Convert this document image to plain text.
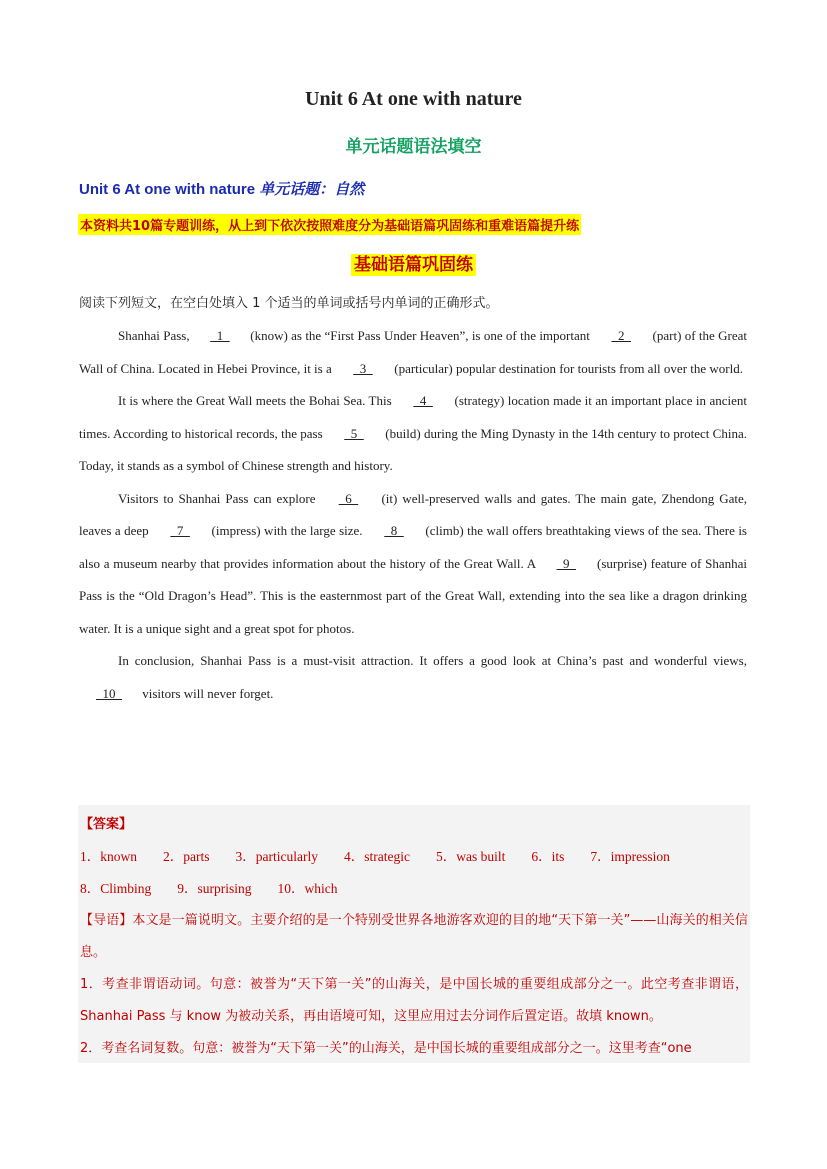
Unit 6 At one with nature
单元话题语法填空
Unit 6 At one with nature 单元话题：自然
本资料共10篇专题训练，从上到下依次按照难度分为基础语篇巩固练和重难语篇提升练
基础语篇巩固练
阅读下列短文，在空白处填入 1 个适当的单词或括号内单词的正确形式。

Shanhai Pass,   1   (know) as the “First Pass Under Heaven”, is one of the important   2   (part) of the Great Wall of China. Located in Hebei Province, it is a   3   (particular) popular destination for tourists from all over the world.

It is where the Great Wall meets the Bohai Sea. This   4   (strategy) location made it an important place in ancient times. According to historical records, the pass   5   (build) during the Ming Dynasty in the 14th century to protect China. Today, it stands as a symbol of Chinese strength and history.

Visitors to Shanhai Pass can explore   6   (it) well-preserved walls and gates. The main gate, Zhendong Gate, leaves a deep   7   (impress) with the large size.   8   (climb) the wall offers breathtaking views of the sea. There is also a museum nearby that provides information about the history of the Great Wall. A   9   (surprise) feature of Shanhai Pass is the “Old Dragon’s Head”. This is the easternmost part of the Great Wall, extending into the sea like a dragon drinking water. It is a unique sight and a great spot for photos.

In conclusion, Shanhai Pass is a must-visit attraction. It offers a good look at China’s past and wonderful views,   10   visitors will never forget.

【答案】
1．known 2．parts 3．particularly 4．strategic 5．was built 6．its 7．impression
8．Climbing 9．surprising 10．which
【导语】本文是一篇说明文。主要介绍的是一个特别受世界各地游客欢迎的目的地“天下第一关”——山海关的相关信息。
1．考查非谓语动词。句意：被誉为“天下第一关”的山海关，是中国长城的重要组成部分之一。此空考查非谓语，Shanhai Pass 与 know 为被动关系，再由语境可知，这里应用过去分词作后置定语。故填 known。
2．考查名词复数。句意：被誉为“天下第一关”的山海关，是中国长城的重要组成部分之一。这里考查“one
